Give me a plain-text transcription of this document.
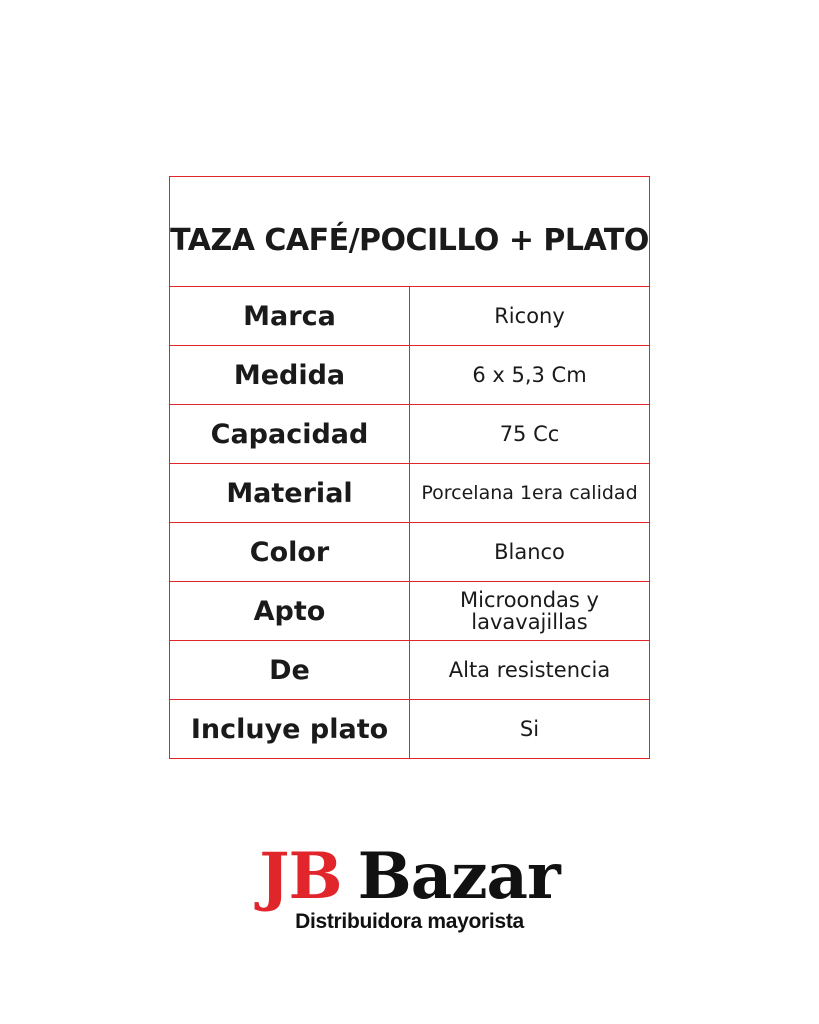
TAZA CAFÉ/POCILLO + PLATO	
Marca	Ricony
Medida	6 x 5,3 Cm
Capacidad	75 Cc
Material	Porcelana 1era calidad
Color	Blanco
Apto	Microondas y lavavajillas
De	Alta resistencia
Incluye plato	Si
JB Bazar
Distribuidora mayorista
